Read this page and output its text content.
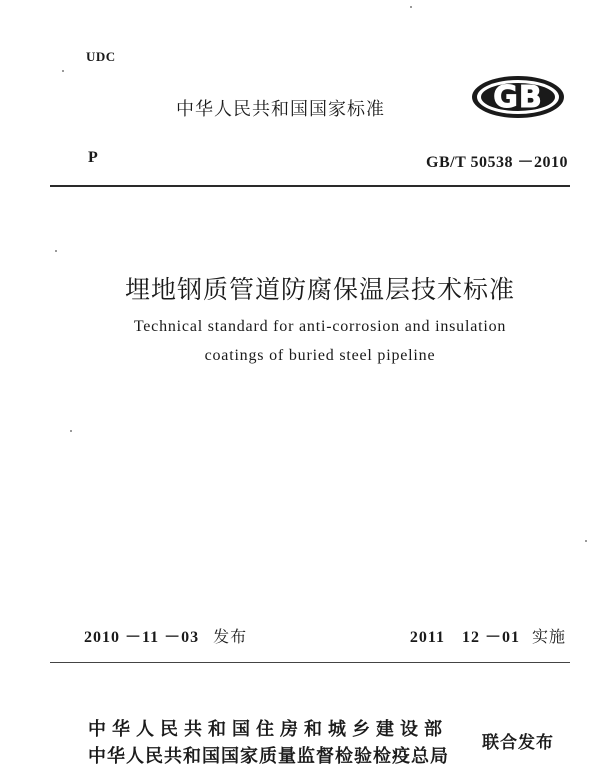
UDC
中华人民共和国国家标准	GB
P	GB/T 50538 －2010
埋地钢质管道防腐保温层技术标准
Technical standard for anti-corrosion and insulation
coatings of buried steel pipeline
2010 －11 －03 发布	2011　12 －01 实施
中华人民共和国住房和城乡建设部
中华人民共和国国家质量监督检验检疫总局
联合发布
